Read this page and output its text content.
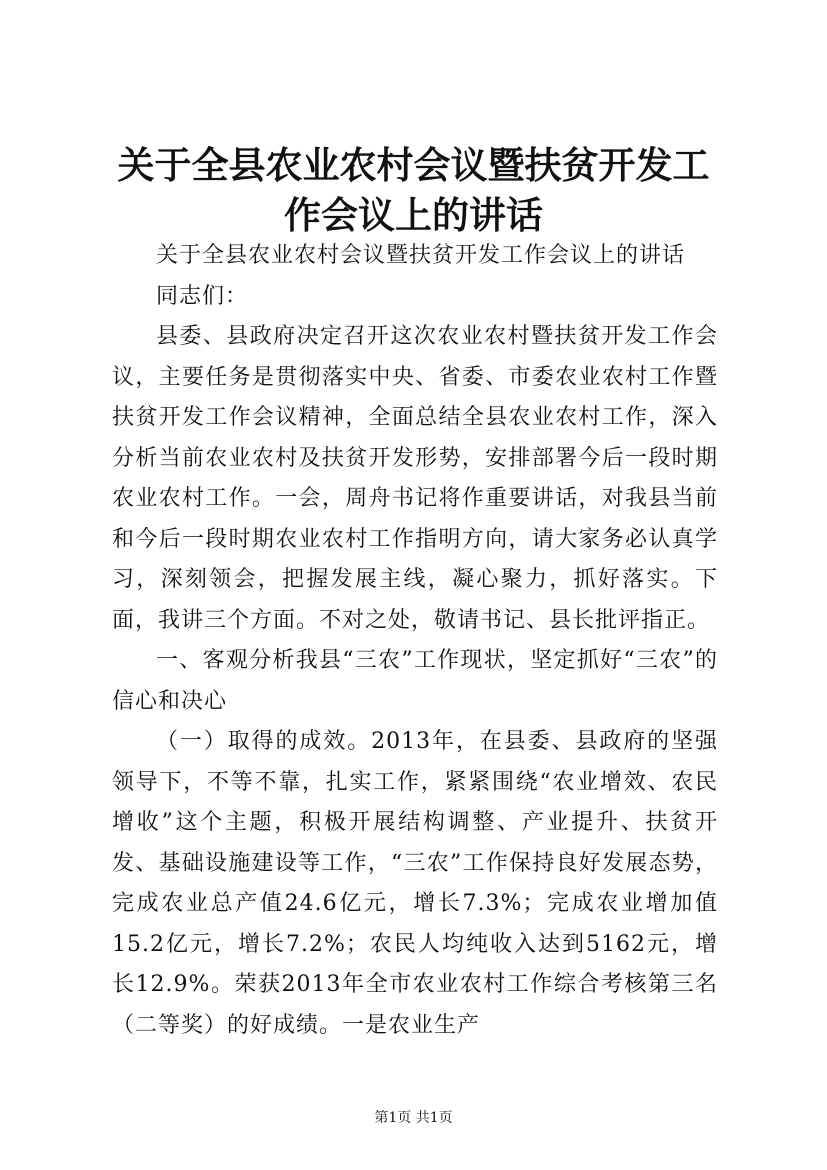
关于全县农业农村会议暨扶贫开发工作会议上的讲话

关于全县农业农村会议暨扶贫开发工作会议上的讲话

同志们：

县委、县政府决定召开这次农业农村暨扶贫开发工作会议，主要任务是贯彻落实中央、省委、市委农业农村工作暨扶贫开发工作会议精神，全面总结全县农业农村工作，深入分析当前农业农村及扶贫开发形势，安排部署今后一段时期农业农村工作。一会，周舟书记将作重要讲话，对我县当前和今后一段时期农业农村工作指明方向，请大家务必认真学习，深刻领会，把握发展主线，凝心聚力，抓好落实。下面，我讲三个方面。不对之处，敬请书记、县长批评指正。

一、客观分析我县“三农”工作现状，坚定抓好“三农”的信心和决心

（一）取得的成效。2013年，在县委、县政府的坚强领导下，不等不靠，扎实工作，紧紧围绕“农业增效、农民增收”这个主题，积极开展结构调整、产业提升、扶贫开发、基础设施建设等工作，“三农”工作保持良好发展态势，完成农业总产值24.6亿元，增长7.3%；完成农业增加值15.2亿元，增长7.2%；农民人均纯收入达到5162元，增长12.9%。荣获2013年全市农业农村工作综合考核第三名（二等奖）的好成绩。一是农业生产

第1页 共1页
